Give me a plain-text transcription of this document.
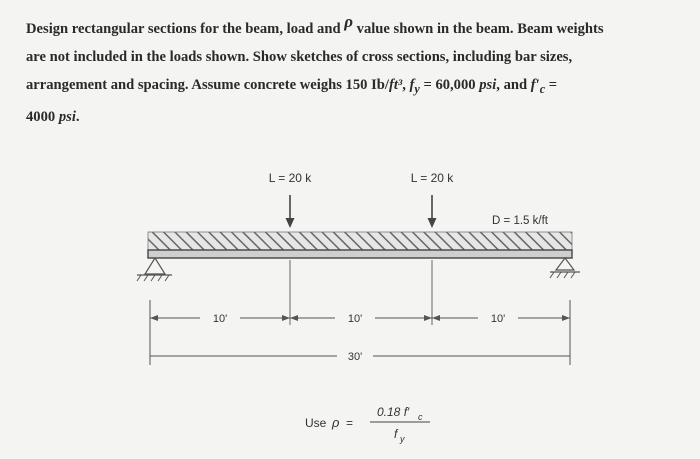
Design rectangular sections for the beam, load and ρ value shown in the beam. Beam weights
are not included in the loads shown. Show sketches of cross sections, including bar sizes,
arrangement and spacing. Assume concrete weighs 150 Ib/ft³, $f_y = 60,000$ psi, and $f'_c$ =
4000 psi.
L = 20 k	L = 20 k
D = 1.5 k/ft
10'	10'	10'
30'
Use ρ =
0.18 f′ c
f y
